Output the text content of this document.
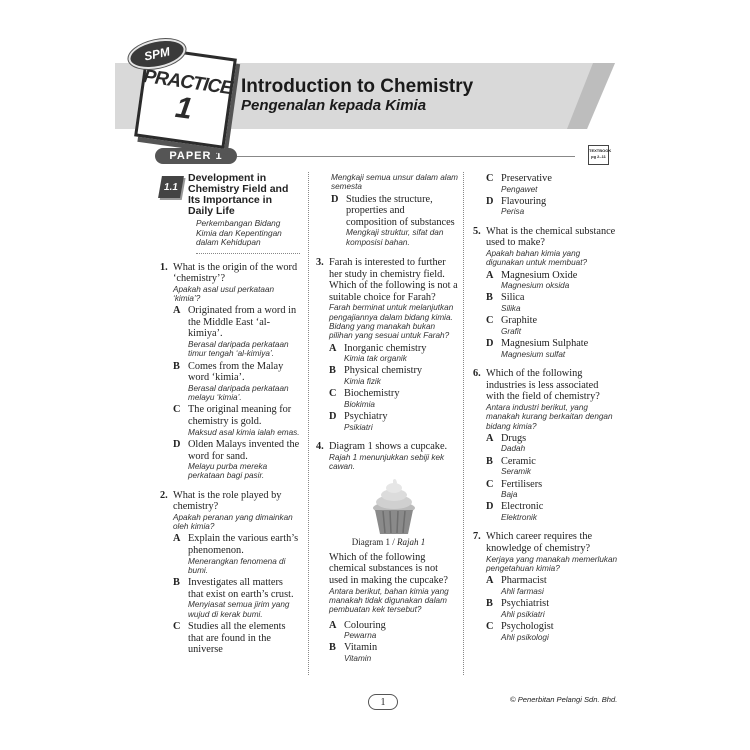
SPM
PRACTICE
1
Introduction to Chemistry
Pengenalan kepada Kimia
PAPER 1	TEXTBOOK
pg 2–11
1.1
Development in Chemistry Field and Its Importance in Daily Life
Perkembangan Bidang Kimia dan Kepentingan dalam Kehidupan
1. What is the origin of the word ‘chemistry’?
Apakah asal usul perkataan ‘kimia’?
A Originated from a word in the Middle East ‘al-kimiya’.
Berasal daripada perkataan timur tengah ‘al-kimiya’.
B Comes from the Malay word ‘kimia’.
Berasal daripada perkataan melayu ‘kimia’.
C The original meaning for chemistry is gold.
Maksud asal kimia ialah emas.
D Olden Malays invented the word for sand.
Melayu purba mereka perkataan bagi pasir.
2. What is the role played by chemistry?
Apakah peranan yang dimainkan oleh kimia?
A Explain the various earth’s phenomenon.
Menerangkan fenomena di bumi.
B Investigates all matters that exist on earth’s crust.
Menyiasat semua jirim yang wujud di kerak bumi.
C Studies all the elements that are found in the universe
Mengkaji semua unsur dalam alam semesta
D Studies the structure, properties and composition of substances
Mengkaji struktur, sifat dan komposisi bahan.
3. Farah is interested to further her study in chemistry field. Which of the following is not a suitable choice for Farah?
Farah berminat untuk melanjutkan pengajiannya dalam bidang kimia. Bidang yang manakah bukan pilihan yang sesuai untuk Farah?
A Inorganic chemistry
Kimia tak organik
B Physical chemistry
Kimia fizik
C Biochemistry
Biokimia
D Psychiatry
Psikiatri
4. Diagram 1 shows a cupcake.
Rajah 1 menunjukkan sebiji kek cawan.
Diagram 1 / Rajah 1
Which of the following chemical substances is not used in making the cupcake?
Antara berikut, bahan kimia yang manakah tidak digunakan dalam pembuatan kek tersebut?
A Colouring
Pewarna
B Vitamin
Vitamin
C Preservative
Pengawet
D Flavouring
Perisa
5. What is the chemical substance used to make?
Apakah bahan kimia yang digunakan untuk membuat?
A Magnesium Oxide
Magnesium oksida
B Silica
Silika
C Graphite
Grafit
D Magnesium Sulphate
Magnesium sulfat
6. Which of the following industries is less associated with the field of chemistry?
Antara industri berikut, yang manakah kurang berkaitan dengan bidang kimia?
A Drugs
Dadah
B Ceramic
Seramik
C Fertilisers
Baja
D Electronic
Elektronik
7. Which career requires the knowledge of chemistry?
Kerjaya yang manakah memerlukan pengetahuan kimia?
A Pharmacist
Ahli farmasi
B Psychiatrist
Ahli psikiatri
C Psychologist
Ahli psikologi
1	© Penerbitan Pelangi Sdn. Bhd.
